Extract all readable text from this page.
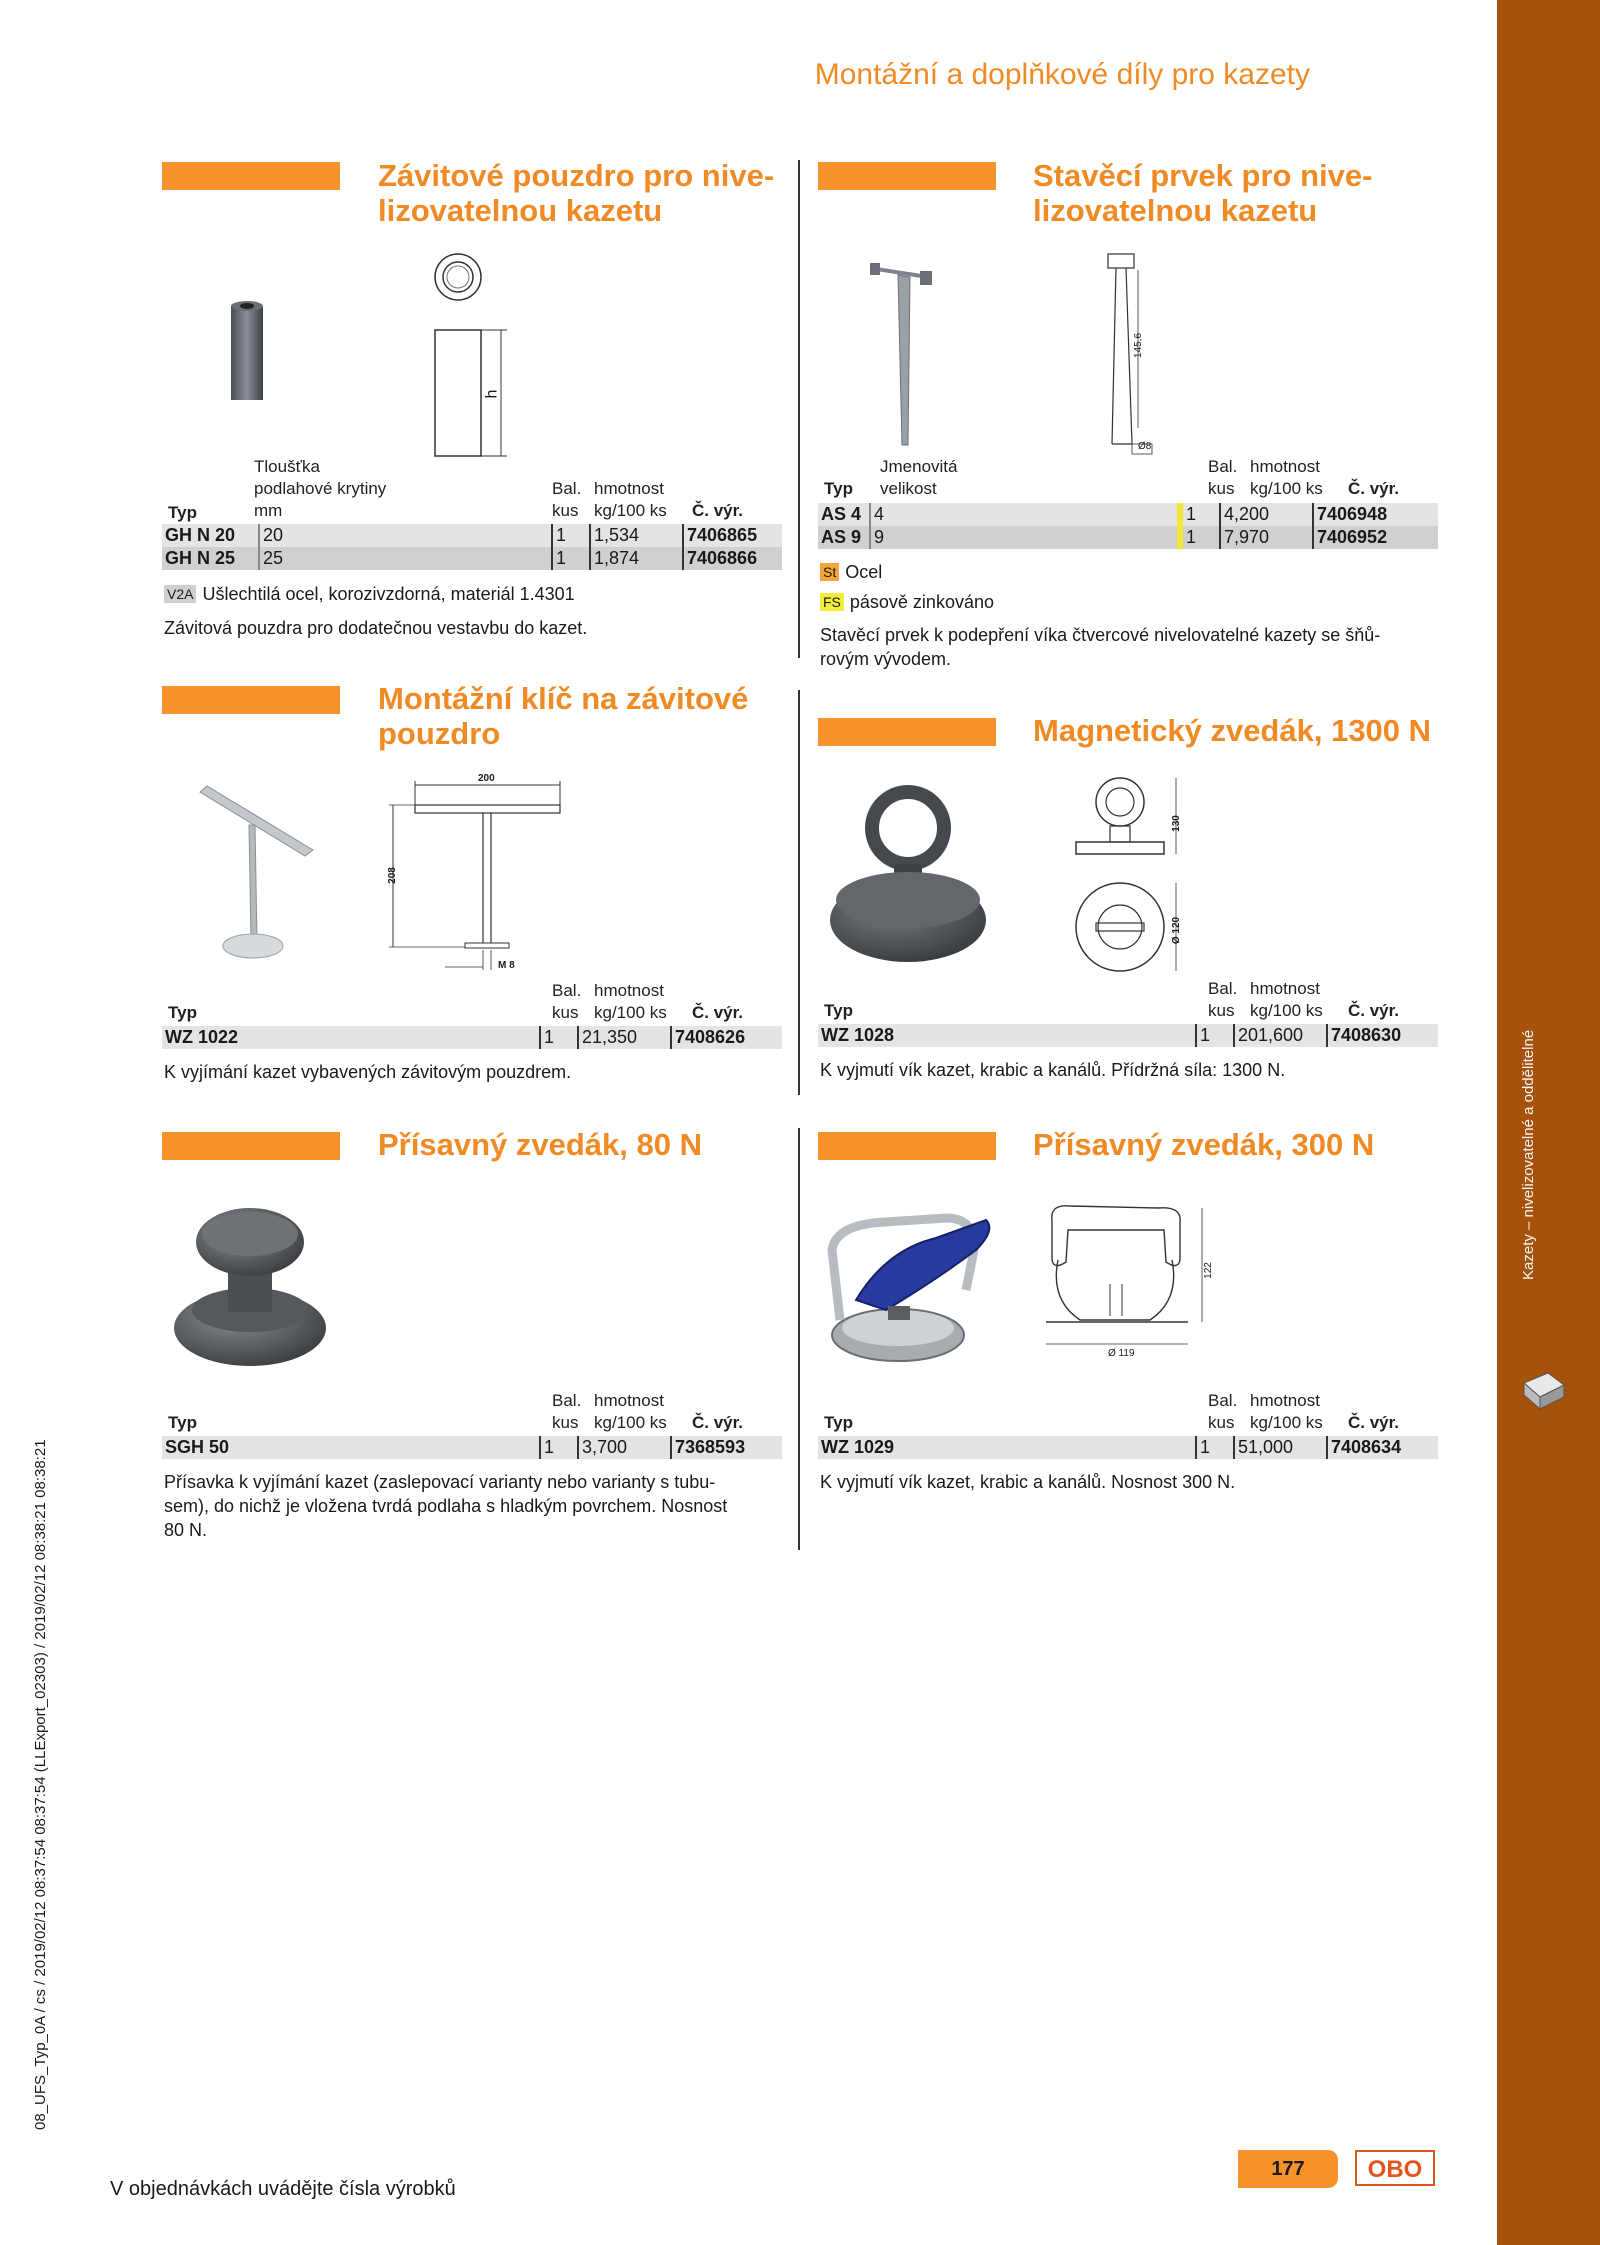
Kazety – nivelizovatelné a oddělitelné
Montážní a doplňkové díly pro kazety
Závitové pouzdro pro nive-
lizovatelnou kazetu
h
Tloušťka
podlahové krytiny
mm
Typ
Bal.
kus
hmotnost
kg/100 ks Č. výr.
GH N 20	20	1	1,534	7406865
GH N 25	25	1	1,874	7406866
V2A Ušlechtilá ocel, korozivzdorná, materiál 1.4301
Závitová pouzdra pro dodatečnou vestavbu do kazet.
Stavěcí prvek pro nive-
lizovatelnou kazetu
145,6
Ø8
Jmenovitá
Typ velikost
Bal.
kus
hmotnost
kg/100 ks Č. výr.
AS 4	4	1	4,200	7406948
AS 9	9	1	7,970	7406952
St Ocel
FS pásově zinkováno
Stavěcí prvek k podepření víka čtvercové nivelovatelné kazety se šňů-
rovým vývodem.
Montážní klíč na závitové
pouzdro
200
208
M 8
Bal.
kus
hmotnost
kg/100 ks
Typ	Č. výr.
WZ 1022	1	21,350	7408626
K vyjímání kazet vybavených závitovým pouzdrem.
Magnetický zvedák, 1300 N
130
Ø 120
Bal.
kus
hmotnost
kg/100 ks
Typ	Č. výr.
WZ 1028	1	201,600	7408630
K vyjmutí vík kazet, krabic a kanálů. Přídržná síla: 1300 N.
Přísavný zvedák, 80 N
Bal.
kus
hmotnost
kg/100 ks
Typ	Č. výr.
SGH 50	1	3,700	7368593
Přísavka k vyjímání kazet (zaslepovací varianty nebo varianty s tubu-
sem), do nichž je vložena tvrdá podlaha s hladkým povrchem. Nosnost
80 N.
Přísavný zvedák, 300 N
122
Ø 119
Bal.
kus
hmotnost
kg/100 ks
Typ	Č. výr.
WZ 1029	1	51,000	7408634
K vyjmutí vík kazet, krabic a kanálů. Nosnost 300 N.
08_UFS_Typ_0A / cs / 2019/02/12 08:37:54 08:37:54 (LLExport_02303) / 2019/02/12 08:38:21 08:38:21
V objednávkách uvádějte čísla výrobků
177	OBO
